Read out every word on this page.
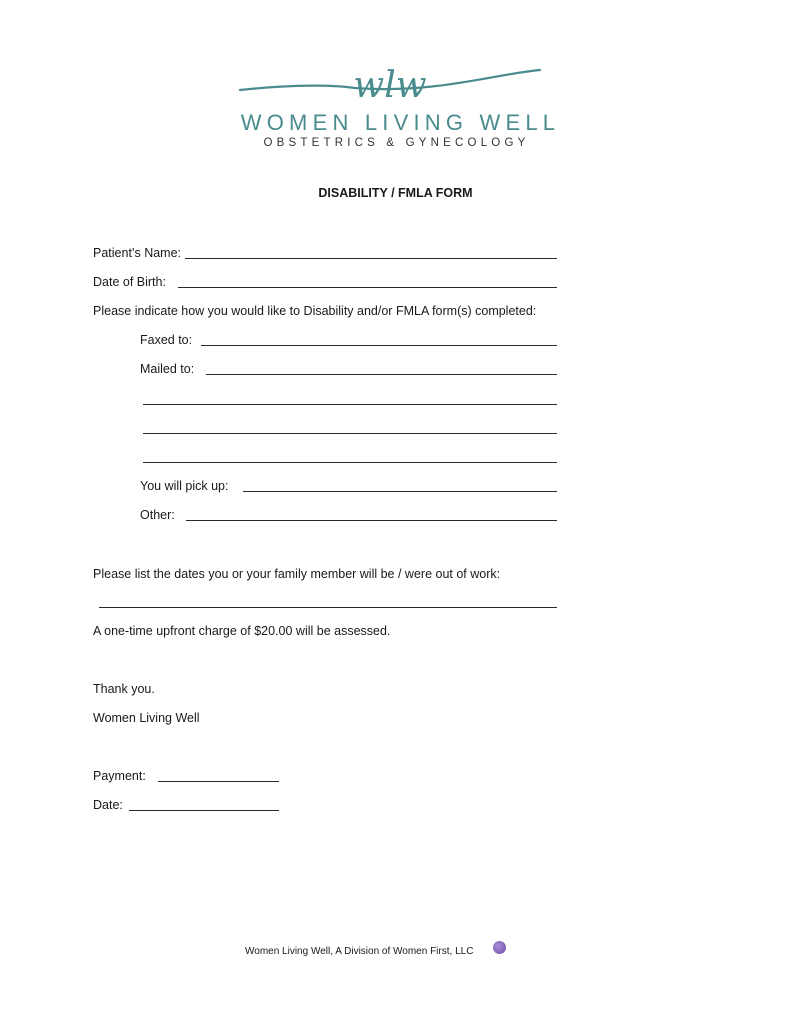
wlw
WOMEN LIVING WELL
OBSTETRICS & GYNECOLOGY
DISABILITY / FMLA FORM
Patient’s Name:
Date of Birth:
Please indicate how you would like to Disability and/or FMLA form(s) completed:
Faxed to:
Mailed to:
You will pick up:
Other:
Please list the dates you or your family member will be / were out of work:
A one-time upfront charge of $20.00 will be assessed.
Thank you.
Women Living Well
Payment:
Date:
Women Living Well, A Division of Women First, LLC
